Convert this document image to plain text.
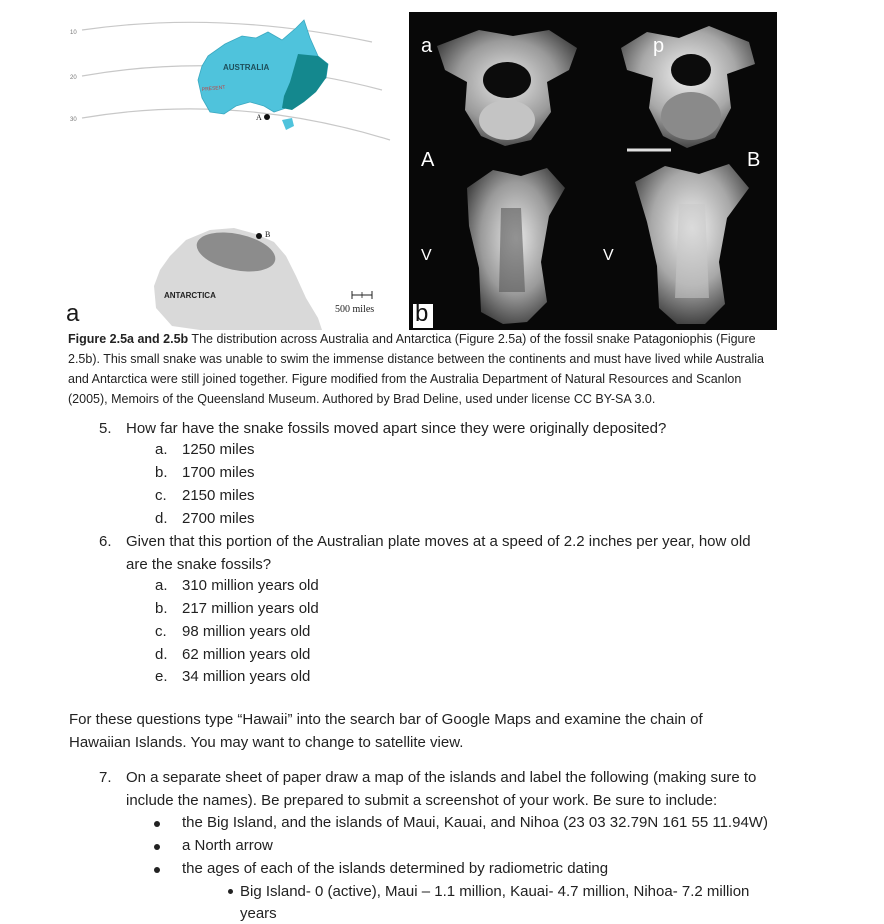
10
20
30
AUSTRALIA
PRESENT
A
B
ANTARCTICA
500 miles
a
a	p
A	B
V	V
b
Figure 2.5a and 2.5b The distribution across Australia and Antarctica (Figure 2.5a) of the fossil snake Patagoniophis (Figure
2.5b). This small snake was unable to swim the immense distance between the continents and must have lived while Australia
and Antarctica were still joined together. Figure modified from the Australia Department of Natural Resources and Scanlon
(2005), Memoirs of the Queensland Museum. Authored by Brad Deline, used under license CC BY-SA 3.0.
5. How far have the snake fossils moved apart since they were originally deposited?
a. 1250 miles
b. 1700 miles
c. 2150 miles
d. 2700 miles
6. Given that this portion of the Australian plate moves at a speed of 2.2 inches per year, how old
are the snake fossils?
a. 310 million years old
b. 217 million years old
c. 98 million years old
d. 62 million years old
e. 34 million years old
For these questions type “Hawaii” into the search bar of Google Maps and examine the chain of
Hawaiian Islands. You may want to change to satellite view.
7. On a separate sheet of paper draw a map of the islands and label the following (making sure to
include the names). Be prepared to submit a screenshot of your work. Be sure to include:
the Big Island, and the islands of Maui, Kauai, and Nihoa (23 03 32.79N 161 55 11.94W)
a North arrow
the ages of each of the islands determined by radiometric dating
Big Island- 0 (active), Maui – 1.1 million, Kauai- 4.7 million, Nihoa- 7.2 million
years
